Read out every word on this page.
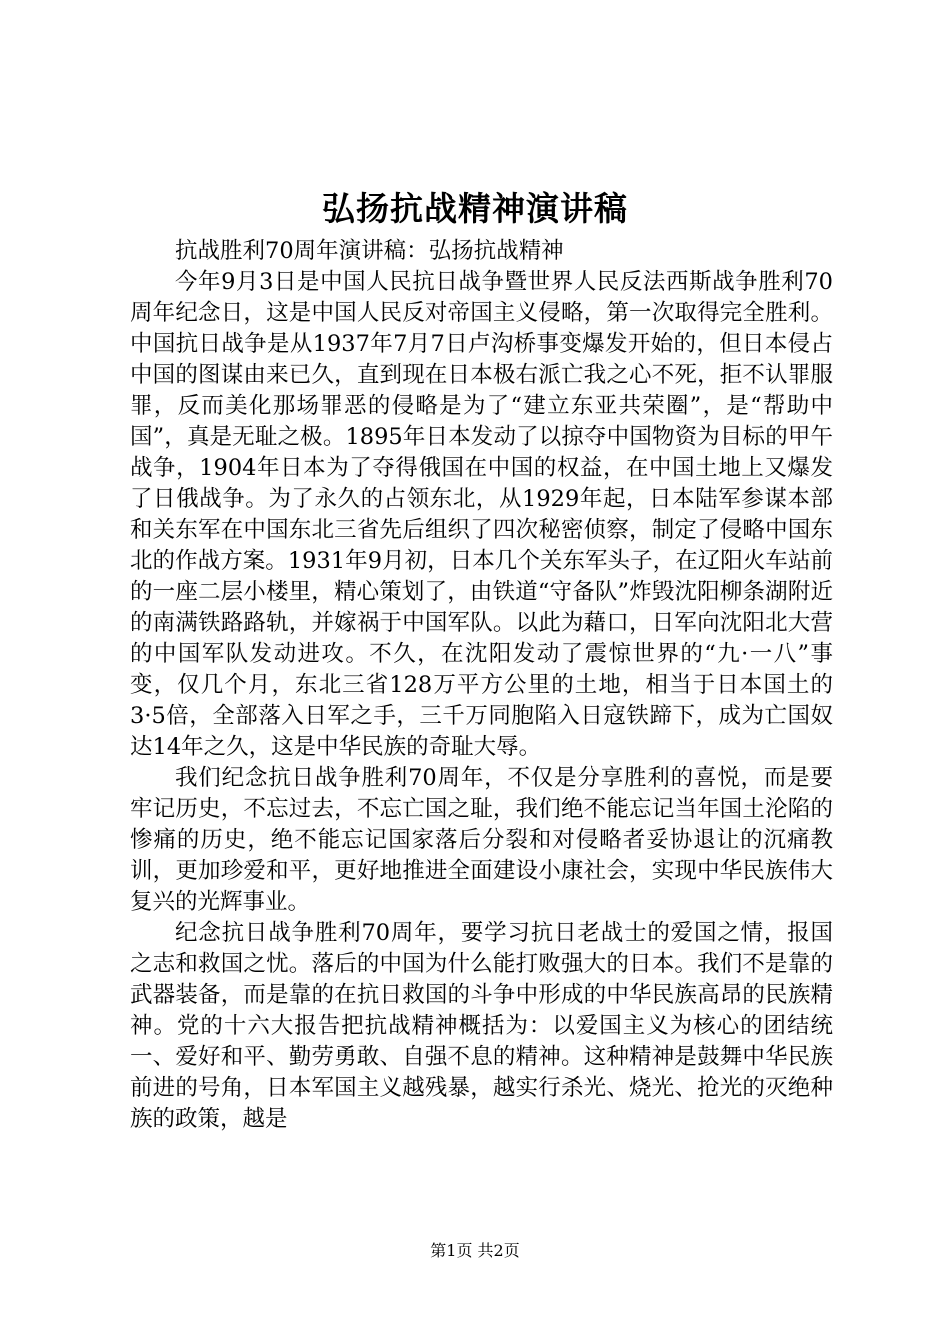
弘扬抗战精神演讲稿

抗战胜利70周年演讲稿：弘扬抗战精神

今年9月3日是中国人民抗日战争暨世界人民反法西斯战争胜利70周年纪念日，这是中国人民反对帝国主义侵略，第一次取得完全胜利。中国抗日战争是从1937年7月7日卢沟桥事变爆发开始的，但日本侵占中国的图谋由来已久，直到现在日本极右派亡我之心不死，拒不认罪服罪，反而美化那场罪恶的侵略是为了“建立东亚共荣圈”，是“帮助中国”，真是无耻之极。1895年日本发动了以掠夺中国物资为目标的甲午战争，1904年日本为了夺得俄国在中国的权益，在中国土地上又爆发了日俄战争。为了永久的占领东北，从1929年起，日本陆军参谋本部和关东军在中国东北三省先后组织了四次秘密侦察，制定了侵略中国东北的作战方案。1931年9月初，日本几个关东军头子，在辽阳火车站前的一座二层小楼里，精心策划了，由铁道“守备队”炸毁沈阳柳条湖附近的南满铁路路轨，并嫁祸于中国军队。以此为藉口，日军向沈阳北大营的中国军队发动进攻。不久，在沈阳发动了震惊世界的“九·一八”事变，仅几个月，东北三省128万平方公里的土地，相当于日本国土的3·5倍，全部落入日军之手，三千万同胞陷入日寇铁蹄下，成为亡国奴达14年之久，这是中华民族的奇耻大辱。

我们纪念抗日战争胜利70周年，不仅是分享胜利的喜悦，而是要牢记历史，不忘过去，不忘亡国之耻，我们绝不能忘记当年国土沦陷的惨痛的历史，绝不能忘记国家落后分裂和对侵略者妥协退让的沉痛教训，更加珍爱和平，更好地推进全面建设小康社会，实现中华民族伟大复兴的光辉事业。

纪念抗日战争胜利70周年，要学习抗日老战士的爱国之情，报国之志和救国之忧。落后的中国为什么能打败强大的日本。我们不是靠的武器装备，而是靠的在抗日救国的斗争中形成的中华民族高昂的民族精神。党的十六大报告把抗战精神概括为：以爱国主义为核心的团结统一、爱好和平、勤劳勇敢、自强不息的精神。这种精神是鼓舞中华民族前进的号角，日本军国主义越残暴，越实行杀光、烧光、抢光的灭绝种族的政策，越是

第1页 共2页
